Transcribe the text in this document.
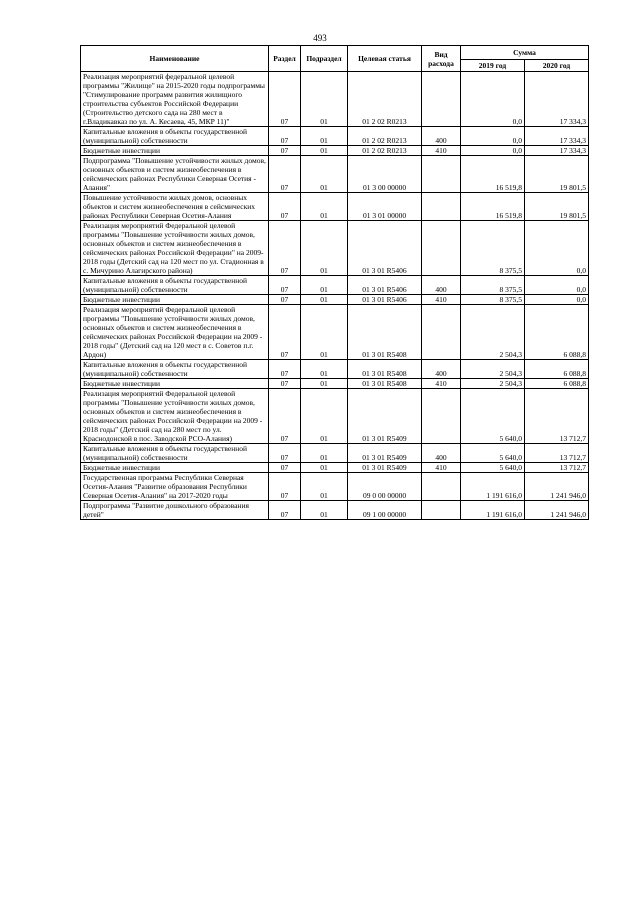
493
Наименование	Раздел	Подраздел	Целевая статья	Вид расхода	Сумма	
					2019 год	2020 год
Реализация мероприятий федеральной целевой программы "Жилище" на 2015-2020 годы подпрограммы "Стимулирование программ развития жилищного строительства субъектов Российской Федерации (Строительство детского сада на 280 мест в г.Владикавказ по ул. А. Кесаева, 45, МКР 11)"	07	01	01 2 02 R0213		0,0	17 334,3
Капитальные вложения в объекты государственной (муниципальной) собственности	07	01	01 2 02 R0213	400	0,0	17 334,3
Бюджетные инвестиции	07	01	01 2 02 R0213	410	0,0	17 334,3
Подпрограмма "Повышение устойчивости жилых домов, основных объектов и систем жизнеобеспечения в сейсмических районах Республики Северная Осетия - Алания"	07	01	01 3 00 00000		16 519,8	19 801,5
Повышение устойчивости жилых домов, основных объектов и систем жизнеобеспечения в сейсмических районах Республики Северная Осетия-Алания	07	01	01 3 01 00000		16 519,8	19 801,5
Реализация мероприятий Федеральной целевой программы "Повышение устойчивости жилых домов, основных объектов и систем жизнеобеспечения в сейсмических районах Российской Федерации" на 2009-2018 годы (Детский сад на 120 мест по ул. Стадионная в с. Мичурино Алагирского района)	07	01	01 3 01 R5406		8 375,5	0,0
Капитальные вложения в объекты государственной (муниципальной) собственности	07	01	01 3 01 R5406	400	8 375,5	0,0
Бюджетные инвестиции	07	01	01 3 01 R5406	410	8 375,5	0,0
Реализация мероприятий Федеральной целевой программы "Повышение устойчивости жилых домов, основных объектов и систем жизнеобеспечения в сейсмических районах Российской Федерации на 2009 - 2018 годы" (Детский сад на 120 мест в с. Советов п.г. Ардон)	07	01	01 3 01 R5408		2 504,3	6 088,8
Капитальные вложения в объекты государственной (муниципальной) собственности	07	01	01 3 01 R5408	400	2 504,3	6 088,8
Бюджетные инвестиции	07	01	01 3 01 R5408	410	2 504,3	6 088,8
Реализация мероприятий Федеральной целевой программы "Повышение устойчивости жилых домов, основных объектов и систем жизнеобеспечения в сейсмических районах Российской Федерации на 2009 - 2018 годы" (Детский сад на 280 мест по ул. Краснодонской в пос. Заводской РСО-Алания)	07	01	01 3 01 R5409		5 640,0	13 712,7
Капитальные вложения в объекты государственной (муниципальной) собственности	07	01	01 3 01 R5409	400	5 640,0	13 712,7
Бюджетные инвестиции	07	01	01 3 01 R5409	410	5 640,0	13 712,7
Государственная программа Республики Северная Осетия-Алания "Развитие образования Республики Северная Осетия-Алания" на 2017-2020 годы	07	01	09 0 00 00000		1 191 616,0	1 241 946,0
Подпрограмма "Развитие дошкольного образования детей"	07	01	09 1 00 00000		1 191 616,0	1 241 946,0
